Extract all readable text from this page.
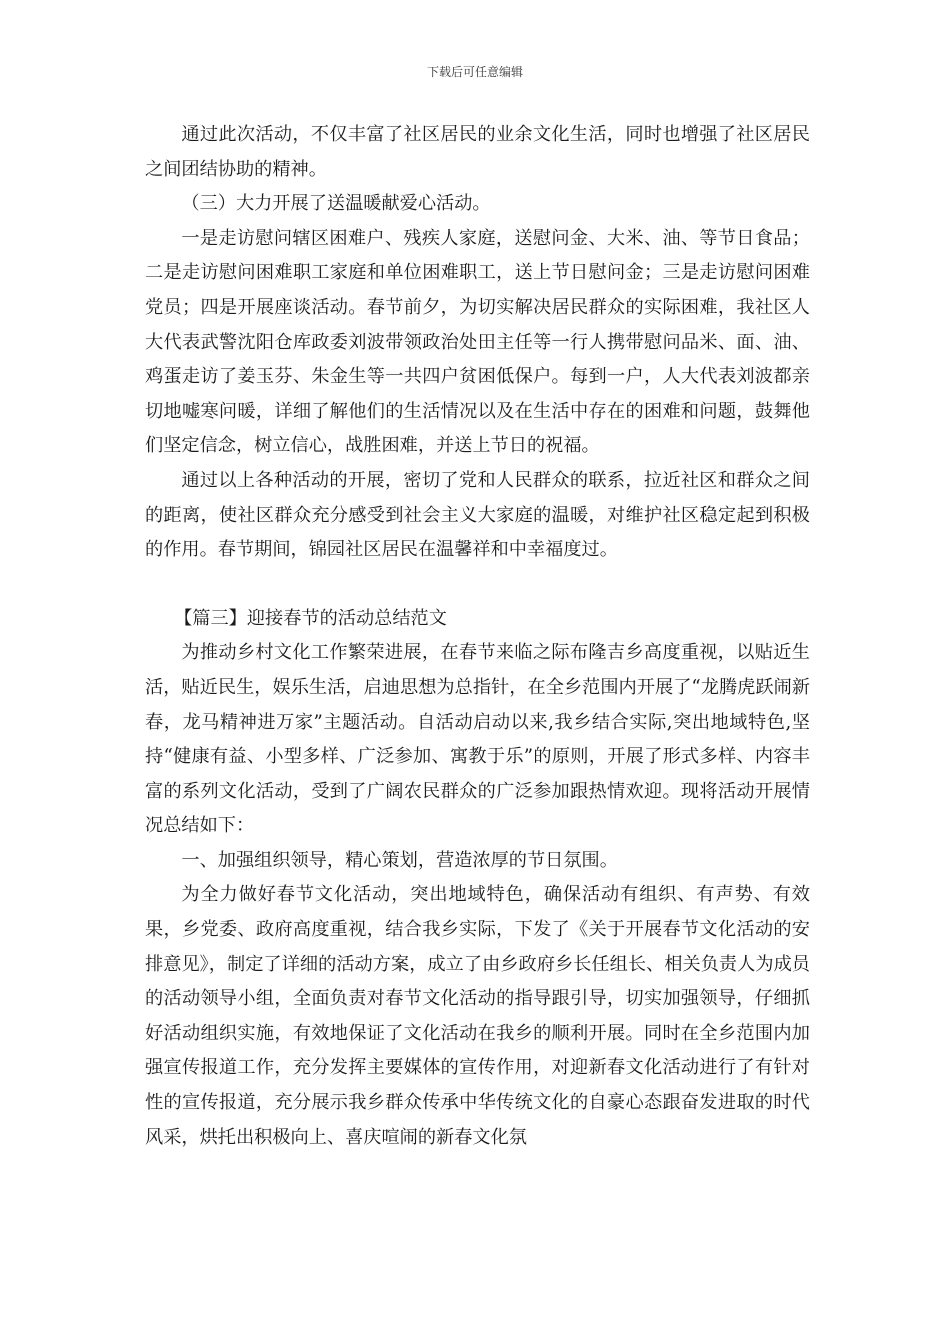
下载后可任意编辑

通过此次活动，不仅丰富了社区居民的业余文化生活，同时也增强了社区居民之间团结协助的精神。

（三）大力开展了送温暖献爱心活动。

一是走访慰问辖区困难户、残疾人家庭，送慰问金、大米、油、等节日食品；二是走访慰问困难职工家庭和单位困难职工，送上节日慰问金；三是走访慰问困难党员；四是开展座谈活动。春节前夕，为切实解决居民群众的实际困难，我社区人大代表武警沈阳仓库政委刘波带领政治处田主任等一行人携带慰问品米、面、油、鸡蛋走访了姜玉芬、朱金生等一共四户贫困低保户。每到一户，人大代表刘波都亲切地嘘寒问暖，详细了解他们的生活情况以及在生活中存在的困难和问题，鼓舞他们坚定信念，树立信心，战胜困难，并送上节日的祝福。

通过以上各种活动的开展，密切了党和人民群众的联系，拉近社区和群众之间的距离，使社区群众充分感受到社会主义大家庭的温暖，对维护社区稳定起到积极的作用。春节期间，锦园社区居民在温馨祥和中幸福度过。

【篇三】迎接春节的活动总结范文

为推动乡村文化工作繁荣进展，在春节来临之际布隆吉乡高度重视，以贴近生活，贴近民生，娱乐生活，启迪思想为总指针，在全乡范围内开展了“龙腾虎跃闹新春，龙马精神进万家”主题活动。自活动启动以来,我乡结合实际,突出地域特色,坚持“健康有益、小型多样、广泛参加、寓教于乐”的原则，开展了形式多样、内容丰富的系列文化活动，受到了广阔农民群众的广泛参加跟热情欢迎。现将活动开展情况总结如下：

一、加强组织领导，精心策划，营造浓厚的节日氛围。

为全力做好春节文化活动，突出地域特色，确保活动有组织、有声势、有效果，乡党委、政府高度重视，结合我乡实际，下发了《关于开展春节文化活动的安排意见》，制定了详细的活动方案，成立了由乡政府乡长任组长、相关负责人为成员的活动领导小组，全面负责对春节文化活动的指导跟引导，切实加强领导，仔细抓好活动组织实施，有效地保证了文化活动在我乡的顺利开展。同时在全乡范围内加强宣传报道工作，充分发挥主要媒体的宣传作用，对迎新春文化活动进行了有针对性的宣传报道，充分展示我乡群众传承中华传统文化的自豪心态跟奋发进取的时代风采，烘托出积极向上、喜庆喧闹的新春文化氛
